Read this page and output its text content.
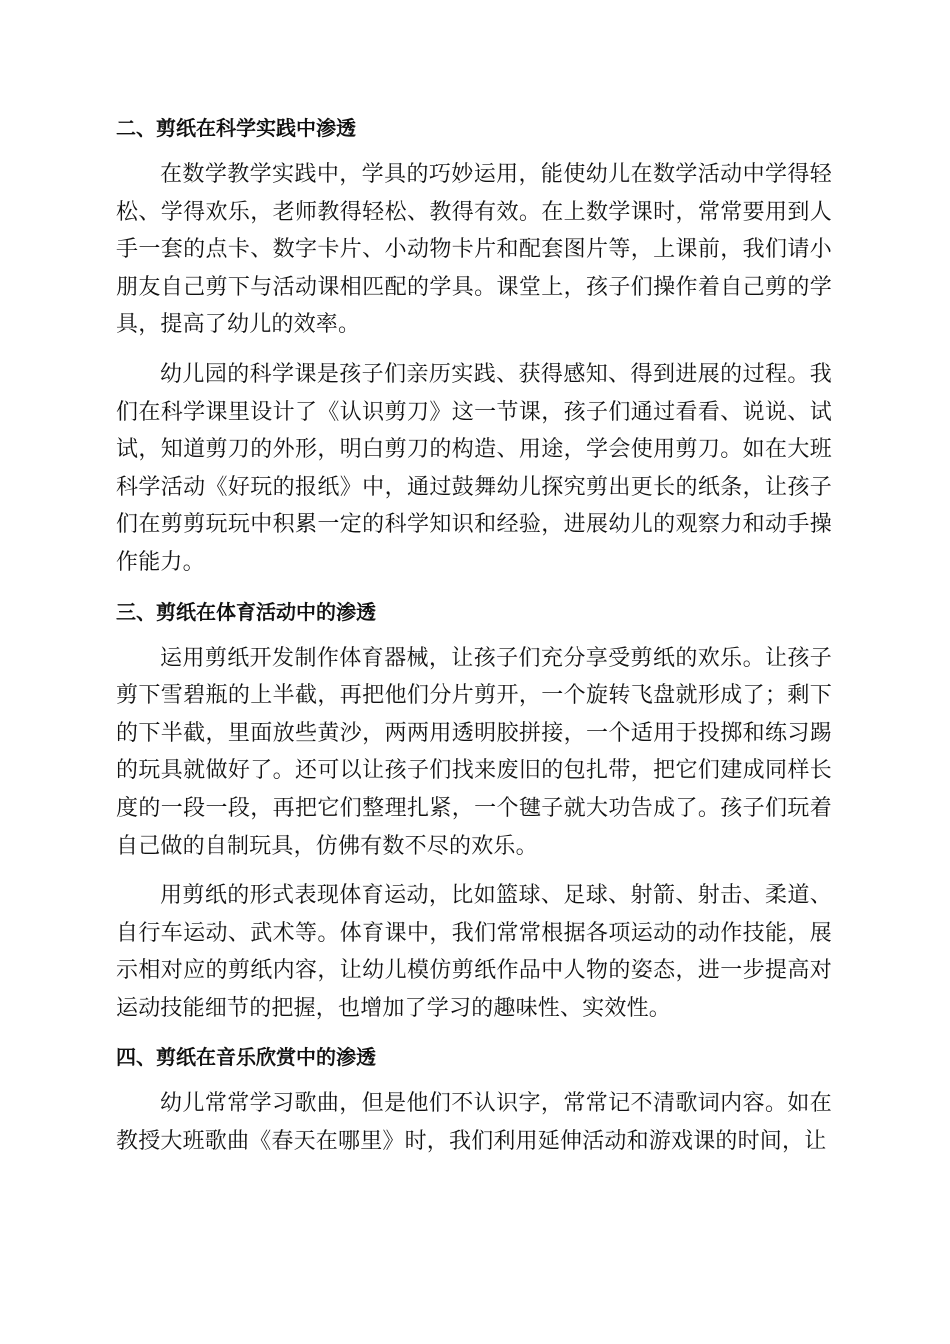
二、剪纸在科学实践中渗透

在数学教学实践中，学具的巧妙运用，能使幼儿在数学活动中学得轻松、学得欢乐，老师教得轻松、教得有效。在上数学课时，常常要用到人手一套的点卡、数字卡片、小动物卡片和配套图片等，上课前，我们请小朋友自己剪下与活动课相匹配的学具。课堂上，孩子们操作着自己剪的学具，提高了幼儿的效率。

幼儿园的科学课是孩子们亲历实践、获得感知、得到进展的过程。我们在科学课里设计了《认识剪刀》这一节课，孩子们通过看看、说说、试试，知道剪刀的外形，明白剪刀的构造、用途，学会使用剪刀。如在大班科学活动《好玩的报纸》中，通过鼓舞幼儿探究剪出更长的纸条，让孩子们在剪剪玩玩中积累一定的科学知识和经验，进展幼儿的观察力和动手操作能力。

三、剪纸在体育活动中的渗透

运用剪纸开发制作体育器械，让孩子们充分享受剪纸的欢乐。让孩子剪下雪碧瓶的上半截，再把他们分片剪开，一个旋转飞盘就形成了；剩下的下半截，里面放些黄沙，两两用透明胶拼接，一个适用于投掷和练习踢的玩具就做好了。还可以让孩子们找来废旧的包扎带，把它们建成同样长度的一段一段，再把它们整理扎紧，一个毽子就大功告成了。孩子们玩着自己做的自制玩具，仿佛有数不尽的欢乐。

用剪纸的形式表现体育运动，比如篮球、足球、射箭、射击、柔道、自行车运动、武术等。体育课中，我们常常根据各项运动的动作技能，展示相对应的剪纸内容，让幼儿模仿剪纸作品中人物的姿态，进一步提高对运动技能细节的把握，也增加了学习的趣味性、实效性。

四、剪纸在音乐欣赏中的渗透

幼儿常常学习歌曲，但是他们不认识字，常常记不清歌词内容。如在教授大班歌曲《春天在哪里》时，我们利用延伸活动和游戏课的时间，让
